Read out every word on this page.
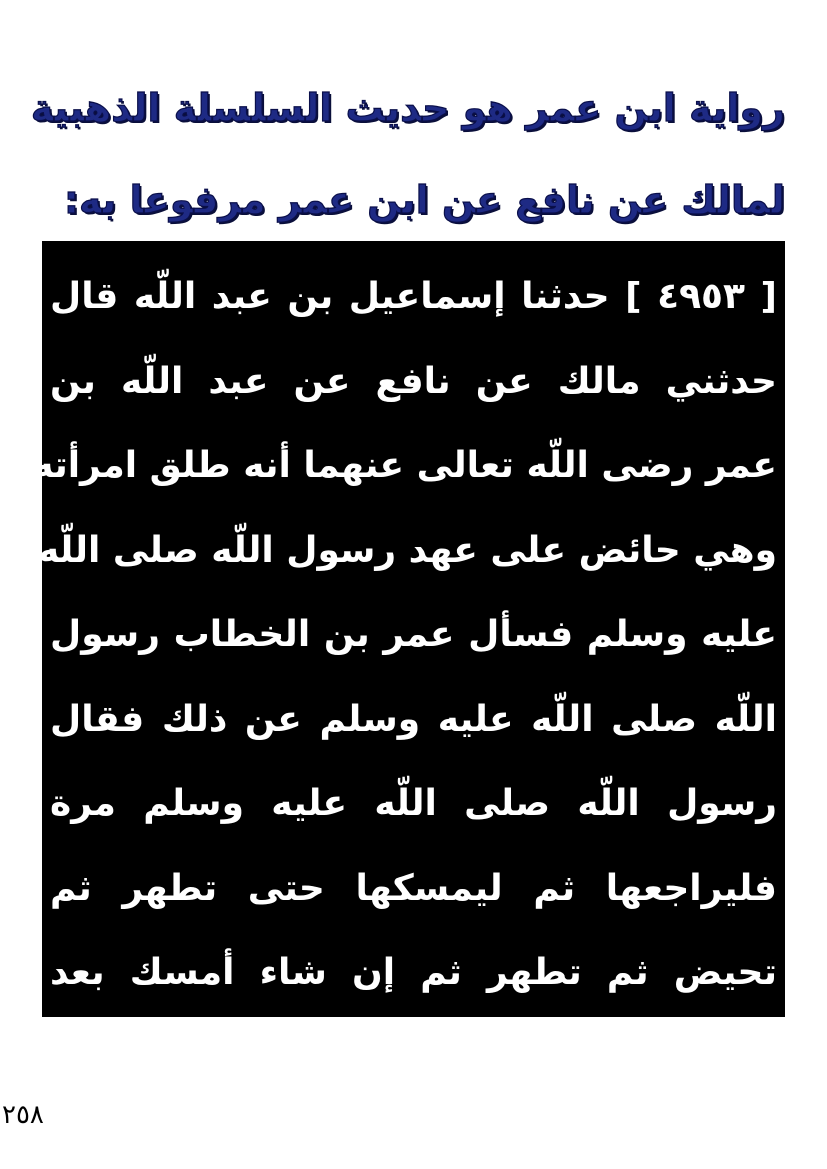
رواية ابن عمر هو حديث السلسلة الذهبية
لمالك عن نافع عن ابن عمر مرفوعا به:
[ ٤٩٥٣ ] حدثنا إسماعيل بن عبد اللّه قال
حدثني مالك عن نافع عن عبد اللّه بن
عمر رضى اللّه تعالى عنهما أنه طلق امرأته
وهي حائض على عهد رسول اللّه صلى اللّه
عليه وسلم فسأل عمر بن الخطاب رسول
اللّه صلى اللّه عليه وسلم عن ذلك فقال
رسول اللّه صلى اللّه عليه وسلم مرة
فليراجعها ثم ليمسكها حتى تطهر ثم
تحيض ثم تطهر ثم إن شاء أمسك بعد
٢٥٨
